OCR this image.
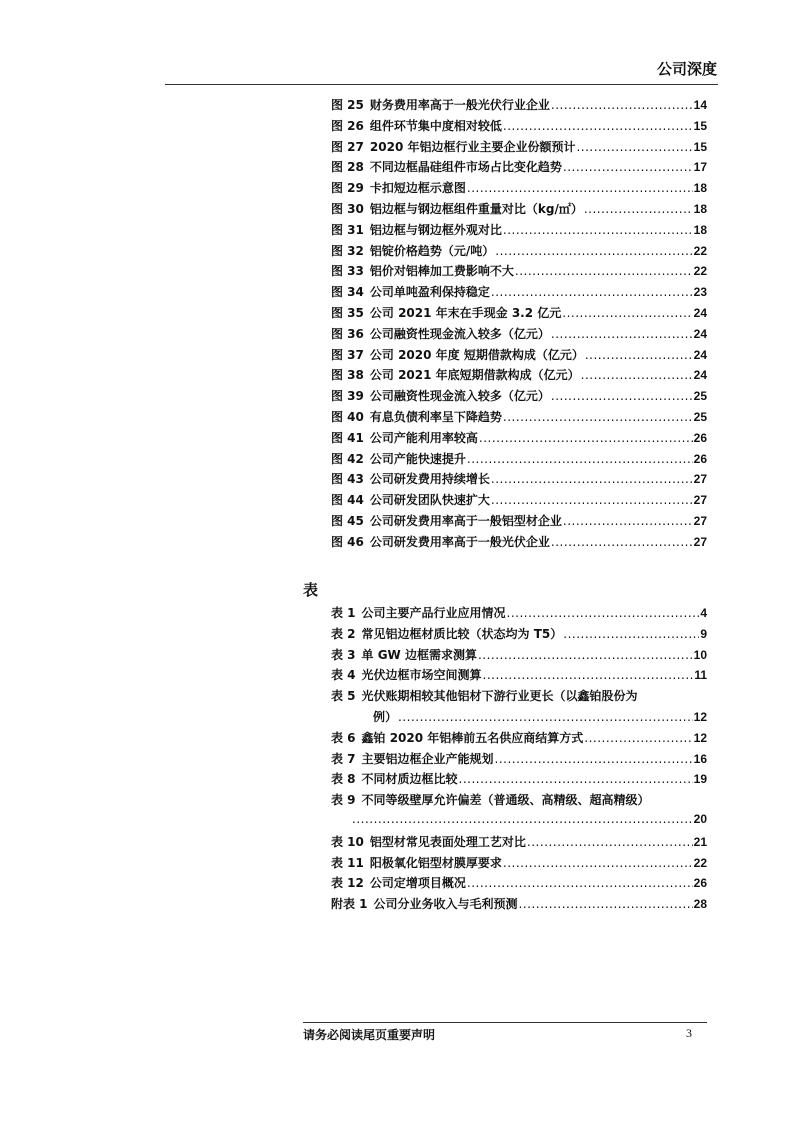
公司深度
图 25 财务费用率高于一般光伏行业企业 .....	14
图 26 组件环节集中度相对较低 .....	15
图 27 2020 年铝边框行业主要企业份额预计 .....	15
图 28 不同边框晶硅组件市场占比变化趋势 .....	17
图 29 卡扣短边框示意图 .....	18
图 30 铝边框与钢边框组件重量对比（kg/㎡） .....	18
图 31 铝边框与钢边框外观对比 .....	18
图 32 铝锭价格趋势（元/吨） .....	22
图 33 铝价对铝棒加工费影响不大 .....	22
图 34 公司单吨盈利保持稳定 .....	23
图 35 公司 2021 年末在手现金 3.2 亿元 .....	24
图 36 公司融资性现金流入较多（亿元） .....	24
图 37 公司 2020 年度 短期借款构成（亿元） .....	24
图 38 公司 2021 年底短期借款构成（亿元） .....	24
图 39 公司融资性现金流入较多（亿元） .....	25
图 40 有息负债利率呈下降趋势 .....	25
图 41 公司产能利用率较高 .....	26
图 42 公司产能快速提升 .....	26
图 43 公司研发费用持续增长 .....	27
图 44 公司研发团队快速扩大 .....	27
图 45 公司研发费用率高于一般铝型材企业 .....	27
图 46 公司研发费用率高于一般光伏企业 .....	27
表
表 1 公司主要产品行业应用情况 .....	4
表 2 常见铝边框材质比较（状态均为 T5） .....	9
表 3 单 GW 边框需求测算 .....	10
表 4 光伏边框市场空间测算 .....	11
表 5 光伏账期相较其他铝材下游行业更长（以鑫铂股份为
例） .....	12
表 6 鑫铂 2020 年铝棒前五名供应商结算方式 .....	12
表 7 主要铝边框企业产能规划 .....	16
表 8 不同材质边框比较 .....	19
表 9 不同等级壁厚允许偏差（普通级、高精级、超高精级）
.....
20
表 10 铝型材常见表面处理工艺对比 .....	21
表 11 阳极氧化铝型材膜厚要求 .....	22
表 12 公司定增项目概况 .....	26
附表 1 公司分业务收入与毛利预测 .....	28
请务必阅读尾页重要声明	3
